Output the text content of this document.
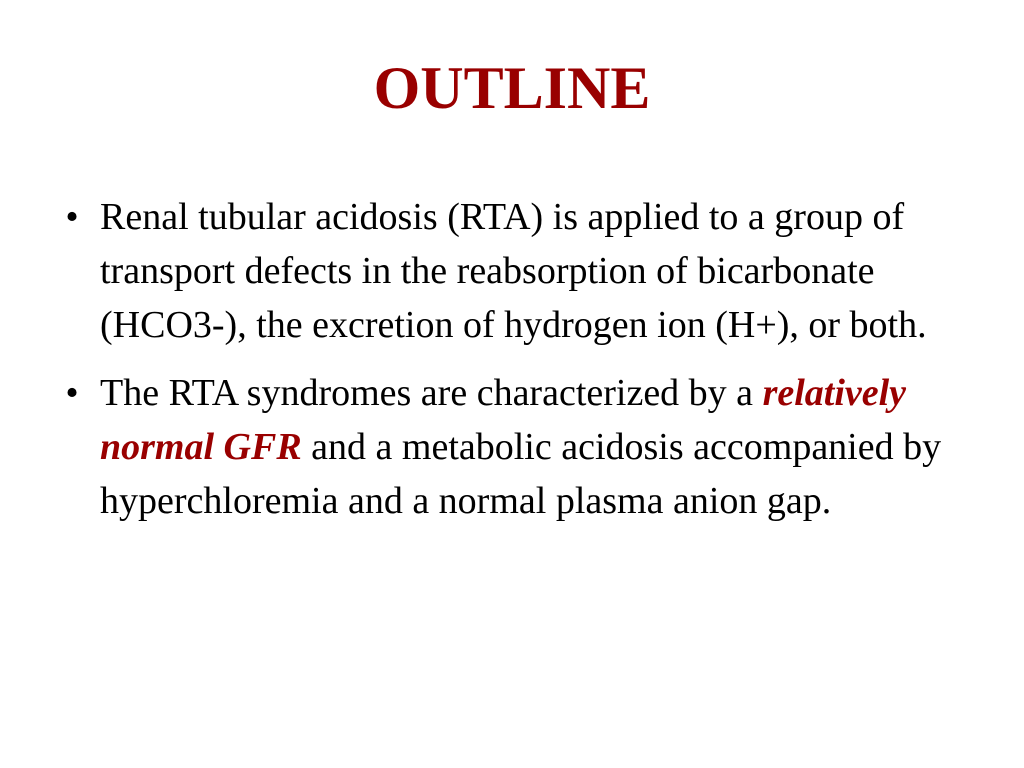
OUTLINE
• Renal tubular acidosis (RTA) is applied to a group of transport defects in the reabsorption of bicarbonate (HCO3-), the excretion of hydrogen ion (H+), or both.
• The RTA syndromes are characterized by a relatively normal GFR and a metabolic acidosis accompanied by hyperchloremia and a normal plasma anion gap.
